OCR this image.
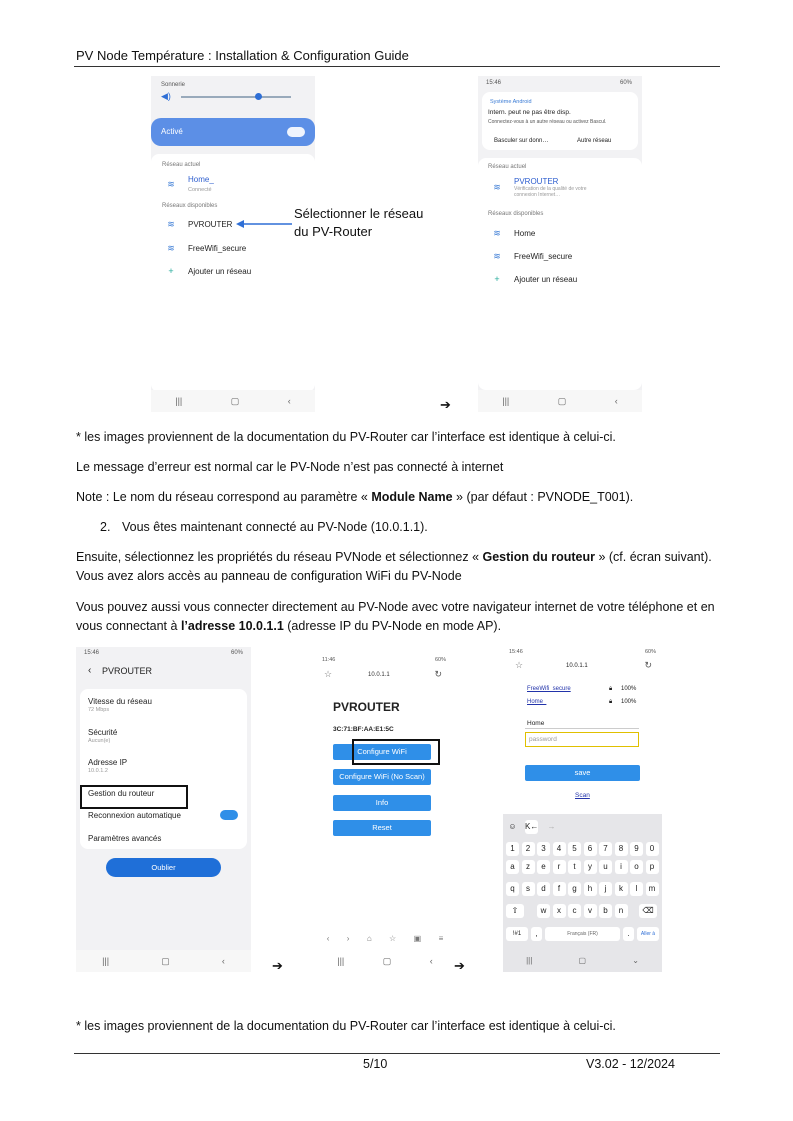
PV Node Température : Installation & Configuration Guide
Sonnerie
◀)
Activé
Réseau actuel
≋	Home_
Connecté
Réseaux disponibles
≋	PVROUTER
≋	FreeWifi_secure
+	Ajouter un réseau
|||	▢	‹
Sélectionner le réseau
du PV-Router
15:46	60%
Système Android
Intern. peut ne pas être disp.
Connectez-vous à un autre réseau ou activez Bascul.
Basculer sur donn…	Autre réseau
Réseau actuel
≋
PVROUTER
Vérification de la qualité de votre connexion Internet…
Réseaux disponibles
≋	Home
≋	FreeWifi_secure
+	Ajouter un réseau
|||	▢	‹
➔
* les images proviennent de la documentation du PV-Router car l’interface est identique à celui-ci.
Le message d’erreur est normal car le PV-Node n’est pas connecté à internet
Note : Le nom du réseau correspond au paramètre « Module Name » (par défaut : PVNODE_T001).
2. Vous êtes maintenant connecté au PV-Node (10.0.1.1).
Ensuite, sélectionnez les propriétés du réseau PVNode et sélectionnez « Gestion du routeur » (cf. écran suivant). Vous avez alors accès au panneau de configuration WiFi du PV-Node
Vous pouvez aussi vous connecter directement au PV-Node avec votre navigateur internet de votre téléphone et en vous connectant à l’adresse 10.0.1.1 (adresse IP du PV-Node en mode AP).
15:46	60%
‹ PVROUTER
Vitesse du réseau
72 Mbps
Sécurité
Aucun(e)
Adresse IP
10.0.1.2
Gestion du routeur
Reconnexion automatique
Paramètres avancés
Oublier
|||	▢	‹	➔
11:46	60%
☆	10.0.1.1	↻
PVROUTER
3C:71:BF:AA:E1:5C
Configure WiFi
Configure WiFi (No Scan)
Info
Reset
‹ › ⌂ ☆ ▣ ≡
|||	▢	‹ ➔
15:46	60%
☆	10.0.1.1	↻
FreeWifi_secure	🔒︎ 100%
Home_	🔒︎ 100%
Home
password
save
Scan
☺	K←	→
1	2	3	4	5	6	7	8	9	0
a	z	e	r	t	y	u	i	o	p
q	s	d	f	g	h	j	k	l	m
⇧	w	x	c	v	b	n	⌫
!#1	,	Français (FR)	.	Aller à
|||	▢	⌄
* les images proviennent de la documentation du PV-Router car l’interface est identique à celui-ci.
5/10	V3.02 - 12/2024
